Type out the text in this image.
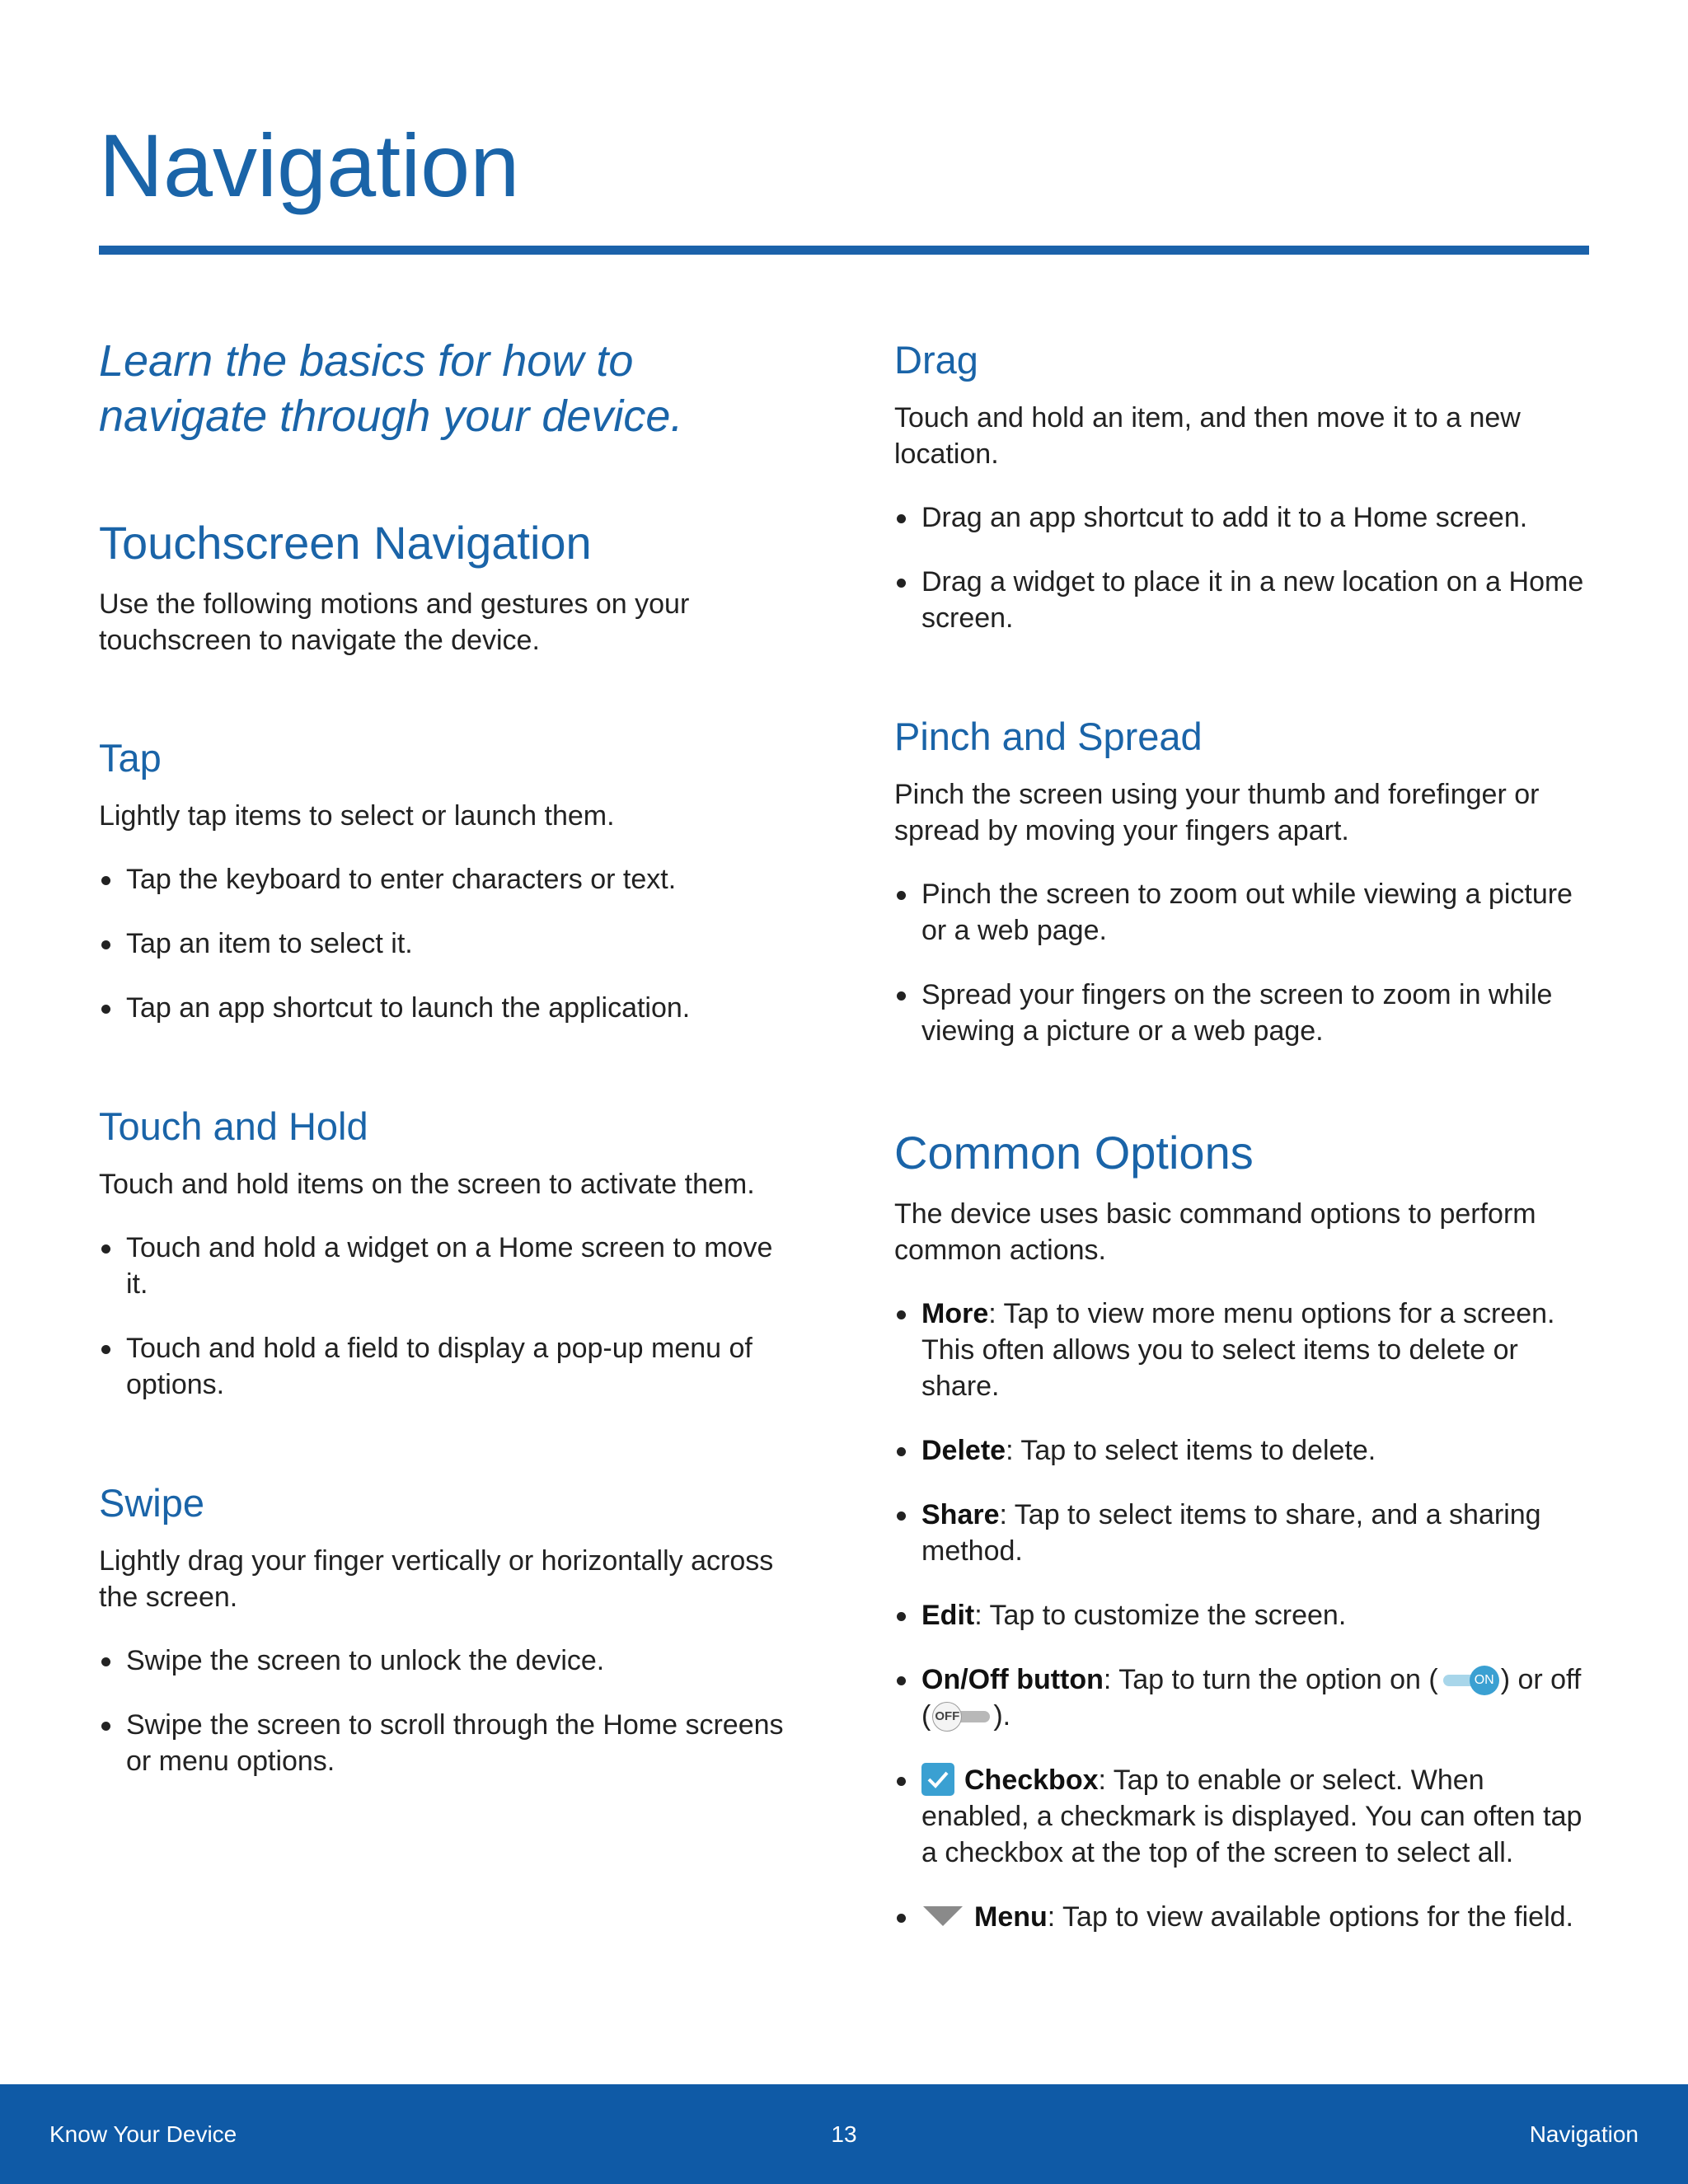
Navigation

Learn the basics for how to navigate through your device.

Touchscreen Navigation

Use the following motions and gestures on your touchscreen to navigate the device.

Tap

Lightly tap items to select or launch them.

Tap the keyboard to enter characters or text.
Tap an item to select it.
Tap an app shortcut to launch the application.
Touch and Hold

Touch and hold items on the screen to activate them.

Touch and hold a widget on a Home screen to move it.
Touch and hold a field to display a pop-up menu of options.
Swipe

Lightly drag your finger vertically or horizontally across the screen.

Swipe the screen to unlock the device.
Swipe the screen to scroll through the Home screens or menu options.
Drag

Touch and hold an item, and then move it to a new location.

Drag an app shortcut to add it to a Home screen.
Drag a widget to place it in a new location on a Home screen.
Pinch and Spread

Pinch the screen using your thumb and forefinger or spread by moving your fingers apart.

Pinch the screen to zoom out while viewing a picture or a web page.
Spread your fingers on the screen to zoom in while viewing a picture or a web page.
Common Options

The device uses basic command options to perform common actions.

More: Tap to view more menu options for a screen. This often allows you to select items to delete or share.
Delete: Tap to select items to delete.
Share: Tap to select items to share, and a sharing method.
Edit: Tap to customize the screen.
On/Off button: Tap to turn the option on (	ON ) or off ( OFF ).
Checkbox: Tap to enable or select. When enabled, a checkmark is displayed. You can often tap a checkbox at the top of the screen to select all.
Menu: Tap to view available options for the field.
Know Your Device	13	Navigation
